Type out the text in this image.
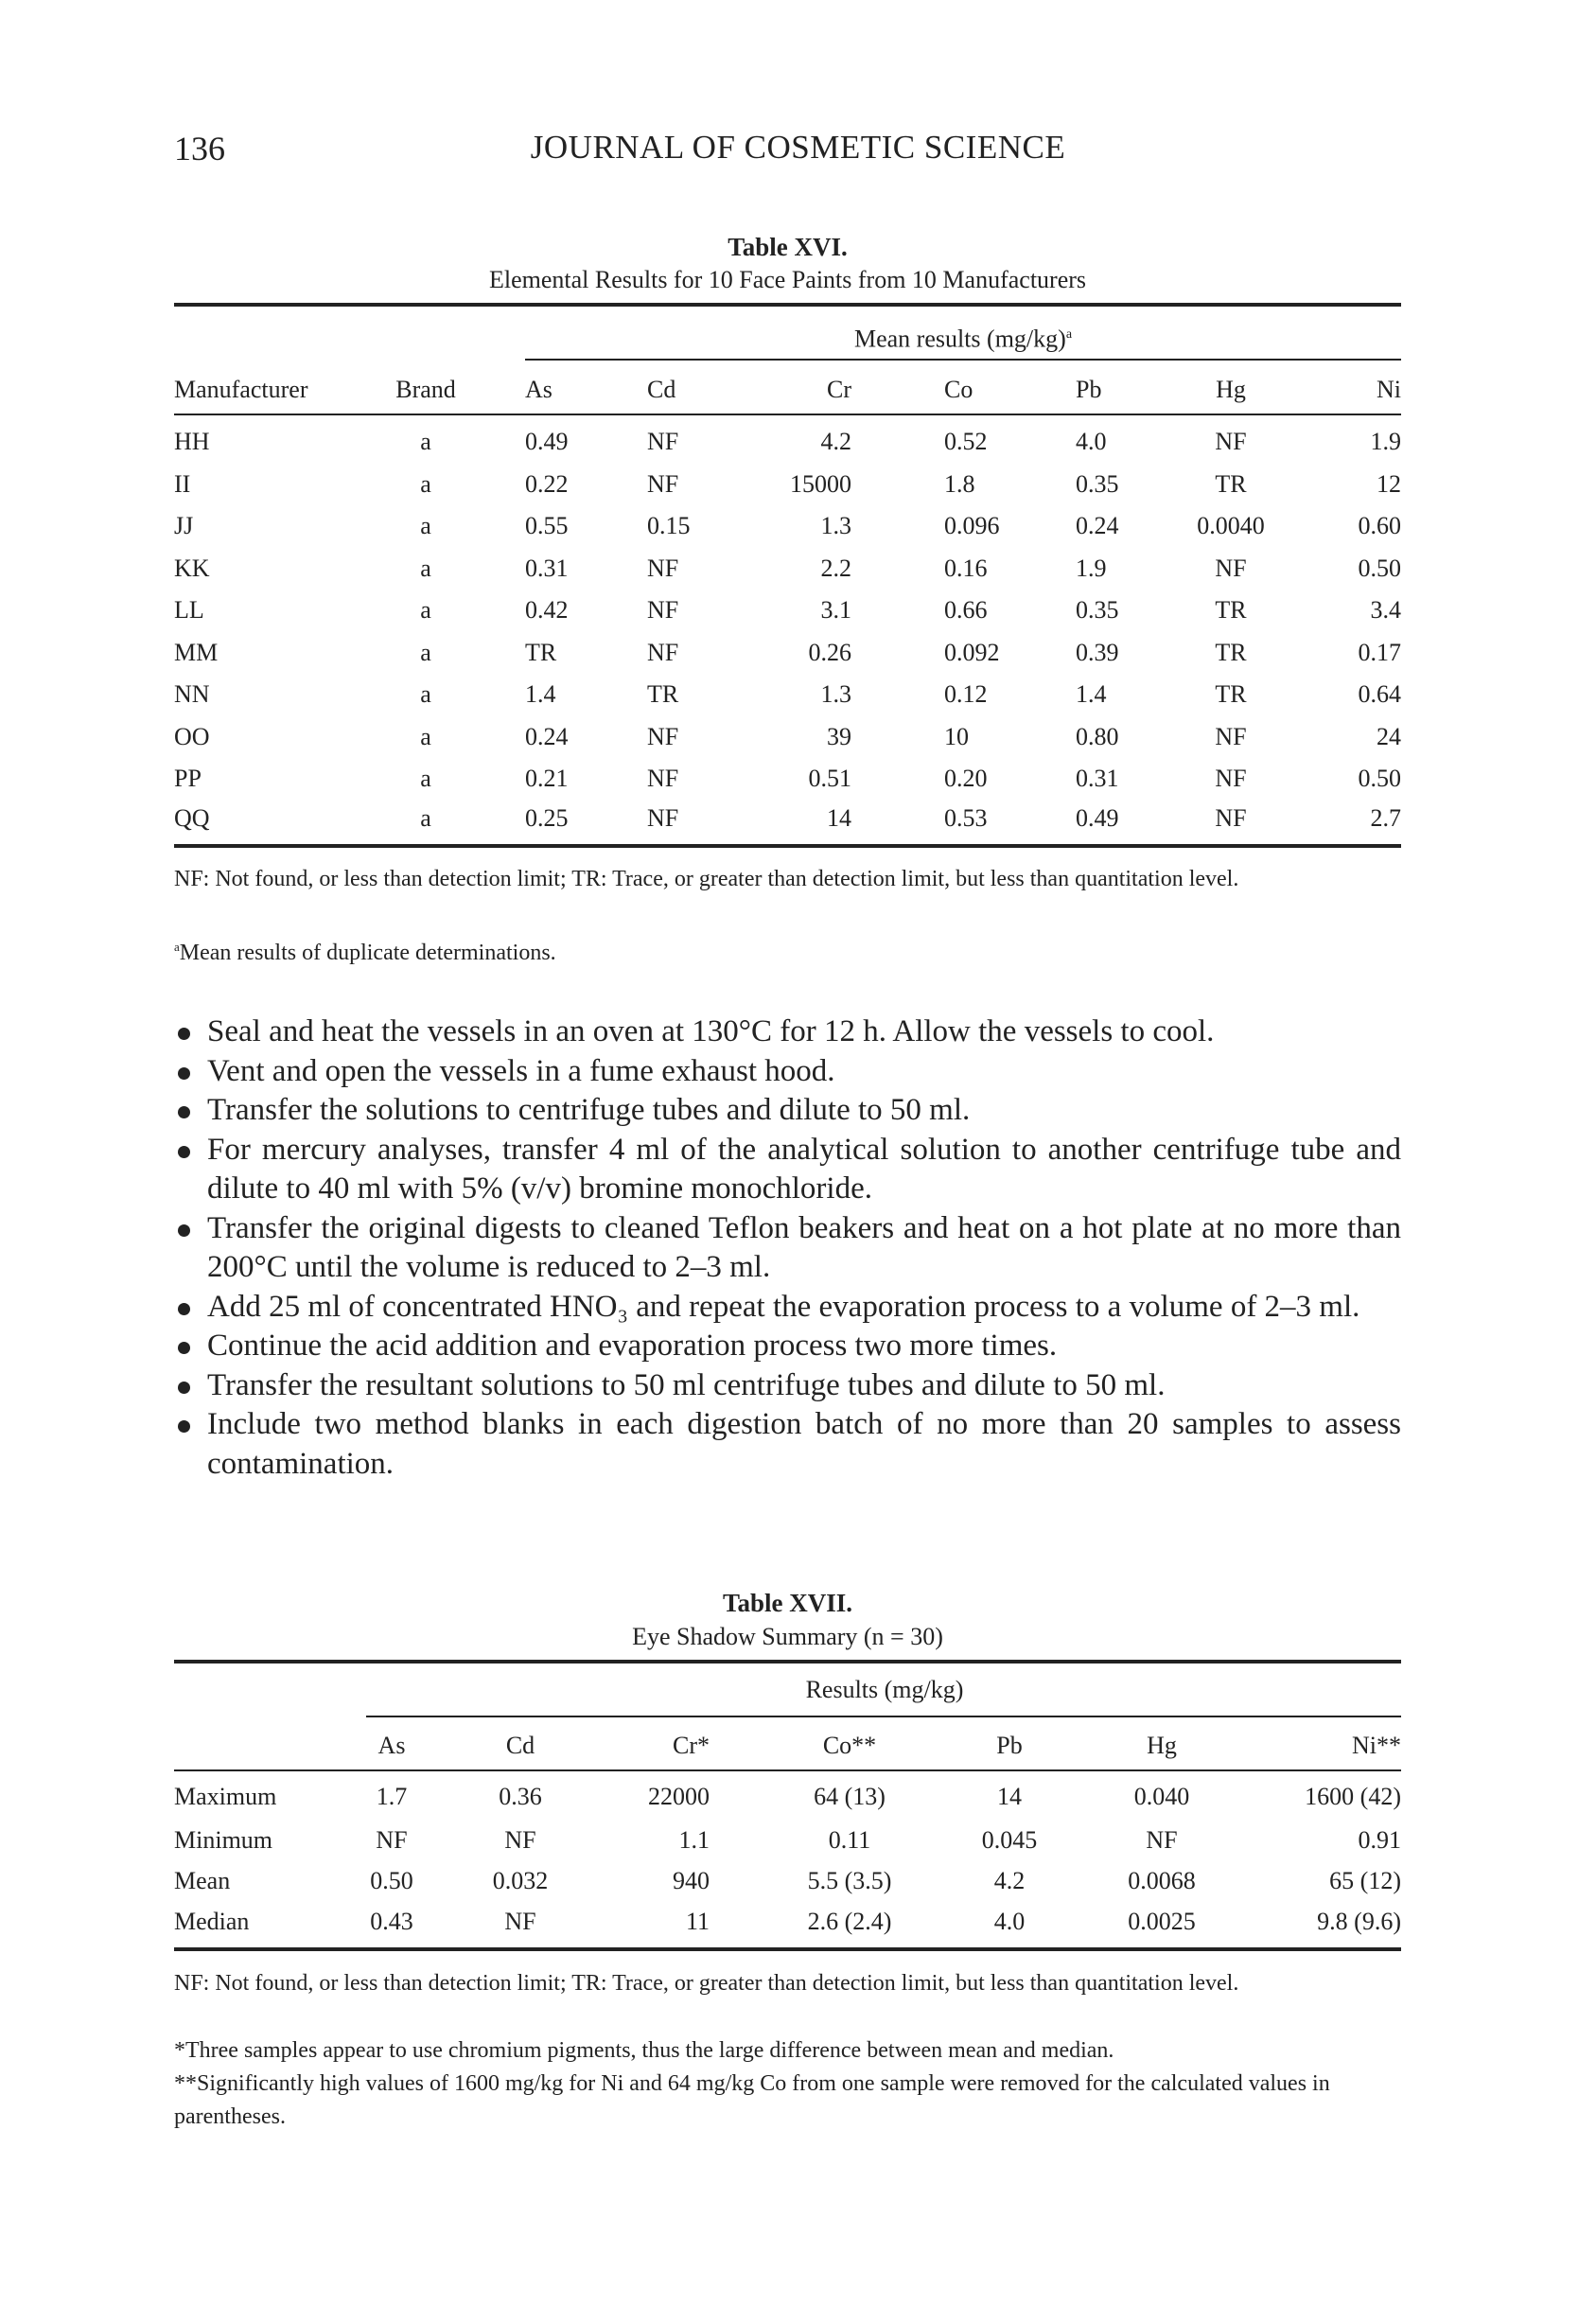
136	JOURNAL OF COSMETIC SCIENCE
Table XVI.
Elemental Results for 10 Face Paints from 10 Manufacturers
Mean results $(mg/kg)^a$
Manufacturer	Brand	As	Cd	Cr	Co	Pb	Hg	Ni
HH	a	0.49	NF	4.2	0.52	4.0	NF	1.9
II	a	0.22	NF	15000	1.8	0.35	TR	12
JJ	a	0.55	0.15	1.3	0.096	0.24	0.0040	0.60
KK	a	0.31	NF	2.2	0.16	1.9	NF	0.50
LL	a	0.42	NF	3.1	0.66	0.35	TR	3.4
MM	a	TR	NF	0.26	0.092	0.39	TR	0.17
NN	a	1.4	TR	1.3	0.12	1.4	TR	0.64
OO	a	0.24	NF	39	10	0.80	NF	24
PP	a	0.21	NF	0.51	0.20	0.31	NF	0.50
QQ	a	0.25	NF	14	0.53	0.49	NF	2.7
NF: Not found, or less than detection limit; TR: Trace, or greater than detection limit, but less than quantitation level.
$^a$Mean results of duplicate determinations.
Seal and heat the vessels in an oven at 130°C for 12 h. Allow the vessels to cool.
Vent and open the vessels in a fume exhaust hood.
Transfer the solutions to centrifuge tubes and dilute to 50 ml.
For mercury analyses, transfer 4 ml of the analytical solution to another centrifuge tube and dilute to 40 ml with 5% (v/v) bromine monochloride.
Transfer the original digests to cleaned Teflon beakers and heat on a hot plate at no more than 200°C until the volume is reduced to 2–3 ml.
Add 25 ml of concentrated HNO₃ and repeat the evaporation process to a volume of 2–3 ml.
Continue the acid addition and evaporation process two more times.
Transfer the resultant solutions to 50 ml centrifuge tubes and dilute to 50 ml.
Include two method blanks in each digestion batch of no more than 20 samples to assess contamination.
Table XVII.
Eye Shadow Summary (n = 30)
Results (mg/kg)
As	Cd	Cr*	Co**	Pb	Hg	Ni**
Maximum	1.7	0.36	22000	64 (13)	14	0.040	1600 (42)
Minimum	NF	NF	1.1	0.11	0.045	NF	0.91
Mean	0.50	0.032	940	5.5 (3.5)	4.2	0.0068	65 (12)
Median	0.43	NF	11	2.6 (2.4)	4.0	0.0025	9.8 (9.6)
NF: Not found, or less than detection limit; TR: Trace, or greater than detection limit, but less than quantitation level.
*Three samples appear to use chromium pigments, thus the large difference between mean and median.
**Significantly high values of 1600 mg/kg for Ni and 64 mg/kg Co from one sample were removed for the calculated values in parentheses.
